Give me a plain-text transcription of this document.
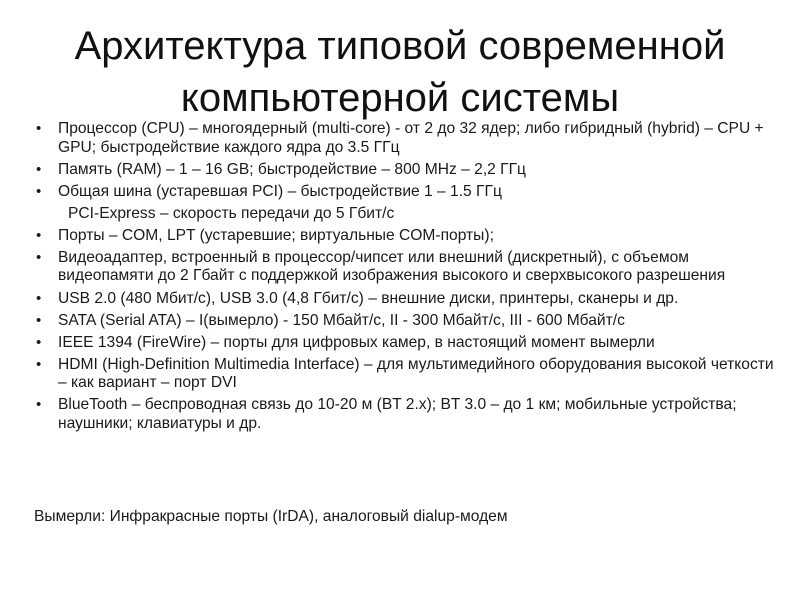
Архитектура типовой современной
компьютерной системы
• Процессор (CPU) – многоядерный (multi-core) - от 2 до 32 ядер; либо гибридный (hybrid) – CPU + GPU; быстродействие каждого ядра до 3.5 ГГц
• Память (RAM) – 1 – 16 GB; быстродействие – 800 MHz – 2,2 ГГц
• Общая шина (устаревшая PCI) – быстродействие 1 – 1.5 ГГц
PCI-Express – скорость передачи до 5 Гбит/с
• Порты – COM, LPT (устаревшие; виртуальные COM-порты);
• Видеоадаптер, встроенный в процессор/чипсет или внешний (дискретный), с объемом видеопамяти до 2 Гбайт с поддержкой изображения высокого и сверхвысокого разрешения
• USB 2.0 (480 Мбит/с), USB 3.0 (4,8 Гбит/с) – внешние диски, принтеры, сканеры и др.
• SATA (Serial ATA) – I(вымерло) - 150 Мбайт/с, II - 300 Мбайт/с, III - 600 Мбайт/с
• IEEE 1394 (FireWire) – порты для цифровых камер, в настоящий момент вымерли
• HDMI (High-Definition Multimedia Interface) – для мультимедийного оборудования высокой четкости – как вариант – порт DVI
• BlueTooth – беспроводная связь до 10-20 м (BT 2.x); BT 3.0 – до 1 км; мобильные устройства; наушники; клавиатуры и др.
Вымерли: Инфракрасные порты (IrDA), аналоговый dialup-модем
